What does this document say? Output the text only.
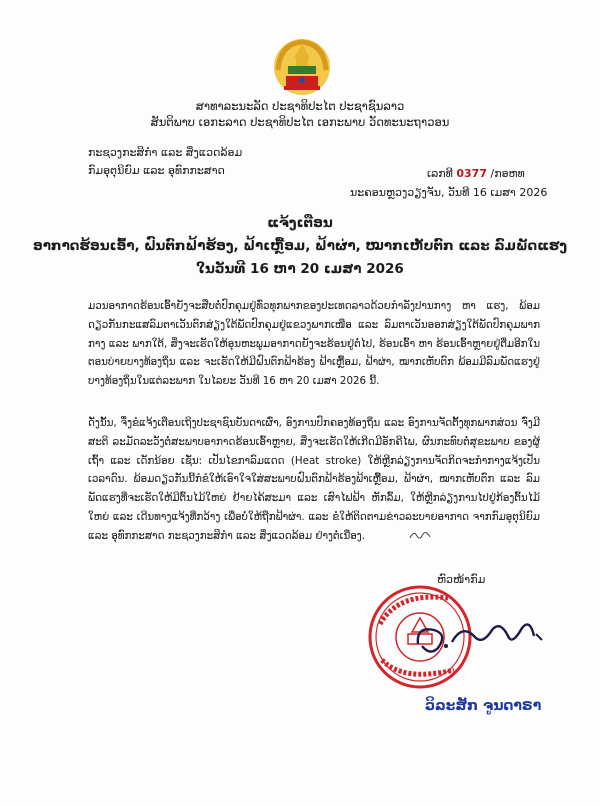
ສາທາລະນະລັດ ປະຊາທິປະໄຕ ປະຊາຊົນລາວ
ສັນຕິພາບ ເອກະລາດ ປະຊາທິປະໄຕ ເອກະພາບ ວັດທະນະຖາວອນ
ກະຊວງກະສິກຳ ແລະ ສິ່ງແວດລ້ອມ
ກົມອຸຕຸນິຍົມ ແລະ ອຸທົກກະສາດ	ເລກທີ 0377 /ກອຫທ
ນະຄອນຫຼວງວຽງຈັນ, ວັນທີ 16 ເມສາ 2026
ແຈ້ງເຕືອນ
ອາກາດຮ້ອນເອົ້າ, ຝົນຕົກຟ້າຮ້ອງ, ຟ້າເຫຼື້ອມ, ຟ້າຜ່າ, ໝາກເຫັບຕົກ ແລະ ລົມພັດແຮງ
ໃນວັນທີ 16 ຫາ 20 ເມສາ 2026
ມວນອາກາດຮ້ອນເອົ້າຍັງຈະສືບຕໍ່ປົກຄຸມຢູ່ທົ່ວທຸກພາກຂອງປະເທດລາວດ້ວຍກຳລັງປານກາງ ຫາ ແຮງ, ພ້ອມດຽວກັນກະແສລົມຕາເວັນຕົກສ່ຽງໃຕ້ພັດປົກຄຸມຢູ່ແຂວງພາກເໜືອ ແລະ ລົມຕາເວັນອອກສ່ຽງໃຕ້ພັດປົກຄຸມພາກກາງ ແລະ ພາກໃຕ້, ສິ່ງຈະເຮັດໃຫ້ອຸນຫະພູມອາກາດຍັງຈະຮ້ອນຢູ່ຕໍ່ໄປ, ຮ້ອນເອົ້າ ຫາ ຮ້ອນເອົ້າຫຼາຍຢູ່ຕື່ມອີກໃນຕອນບ່າຍບາງທ້ອງຖິ່ນ ແລະ ຈະເຮັດໃຫ້ມີຝົນຕົກຟ້າຮ້ອງ ຟ້າເຫຼື້ອມ, ຟ້າຜ່າ, ໝາກເຫັບຕົກ ພ້ອມມີລົມພັດແຮງຢູ່ບາງທ້ອງຖິ່ນໃນແຕ່ລະພາກ ໃນໄລຍະ ວັນທີ 16 ຫາ 20 ເມສາ 2026 ນີ້.
ດັ່ງນັ້ນ, ຈຶ່ງຂໍແຈ້ງເຕືອນເຖິງປະຊາຊົນບັນດາເຜົ່າ, ອົງການປົກຄອງທ້ອງຖິ່ນ ແລະ ອົງການຈັດຕັ້ງທຸກພາກສ່ວນ ຈົ່ງມີສະຕິ ລະມັດລະວັງຕໍ່ສະພາບອາກາດຮ້ອນເອົ້າຫຼາຍ, ສິ່ງຈະເຮັດໃຫ້ເກີດມີອັກຄີໄພ, ຜົນກະທົບຕໍ່ສຸຂະພາບ ຂອງຜູ້ເຖົ້າ ແລະ ເດັກນ້ອຍ ເຊັ່ນ: ເປັນໄຂກາລົມແດດ (Heat stroke) ໃຫ້ຫຼີກລ່ຽງການຈັດກິດຈະກຳກາງແຈ້ງເປັນເວລາດົນ. ພ້ອມດຽວກັນນີ້ກໍຂໍໃຫ້ເອົາໃຈໃສ່ສະພາບຝົນຕົກຟ້າຮ້ອງຟ້າເຫຼື້ອມ, ຟ້າຜ່າ, ໝາກເຫັບຕົກ ແລະ ລົມພັດແຮງທີ່ຈະເຮັດໃຫ້ມີຕົ້ນໄມ້ໃຫຍ່ ຢ້າຍໄຄ້ສະມາ ແລະ ເສົາໄຟຟ້າ ຫັກລົ້ມ, ໃຫ້ຫຼີກລ່ຽງການໄປຢູ່ກ້ອງຕົ້ນໄມ້ໃຫຍ່ ແລະ ເດີນທາງແຈ້ງທີ່ກວ້າງ ເພື່ອບໍ່ໃຫ້ຖືກຟ້າຜ່າ. ແລະ ຂໍໃຫ້ຕິດຕາມຂ່າວລະບາຍອາກາດ ຈາກກົມອຸຕຸນິຍົມ ແລະ ອຸທົກກະສາດ ກະຊວງກະສິກຳ ແລະ ສິ່ງແວດລ້ອມ ຢ່າງຕໍ່ເນື່ອງ.
ຫົວໜ້າກົມ
ວິລະສັກ ຈູນດາຣາ
